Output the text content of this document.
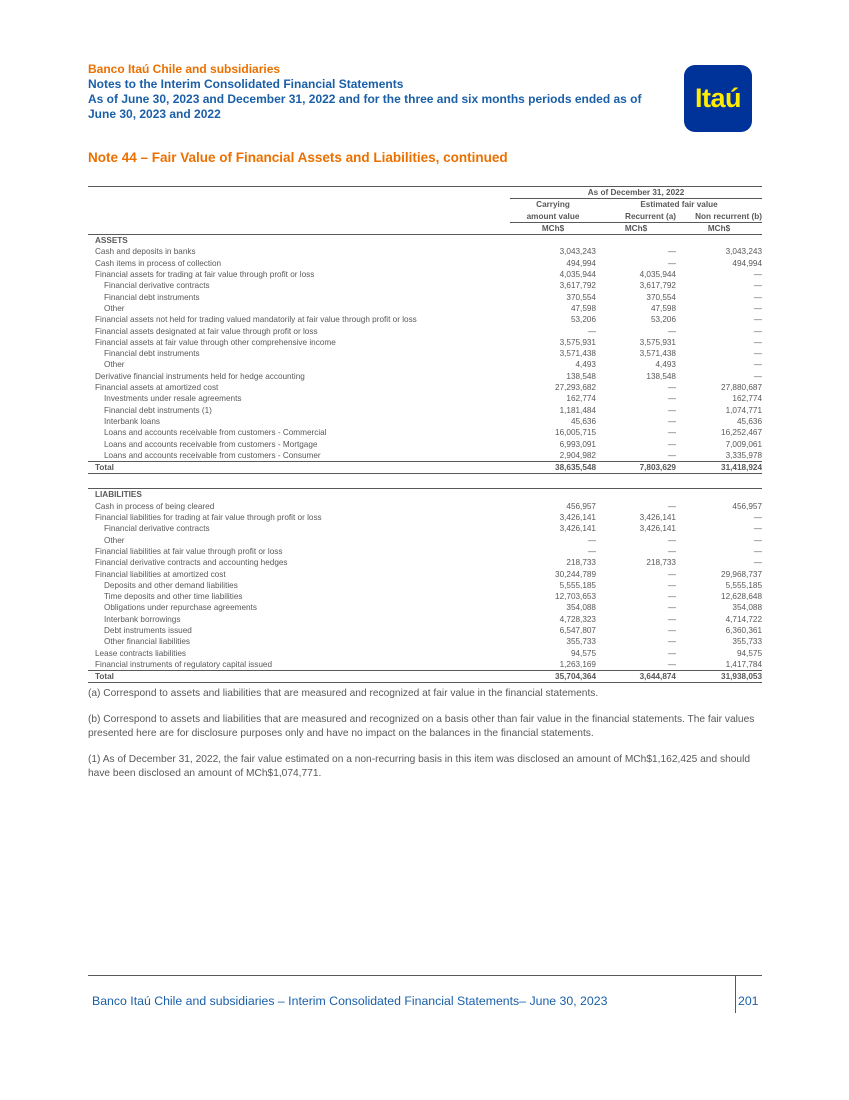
Banco Itaú Chile and subsidiaries
Notes to the Interim Consolidated Financial Statements
As of June 30, 2023 and December 31, 2022 and for the three and six months periods ended as of
June 30, 2023 and 2022
Itaú
Note 44 – Fair Value of Financial Assets and Liabilities, continued
	As of December 31, 2022		
	Carrying	Estimated fair value	
	amount value	Recurrent (a)	Non recurrent (b)
	MCh$	MCh$	MCh$
ASSETS			
Cash and deposits in banks	3,043,243	—	3,043,243
Cash items in process of collection	494,994	—	494,994
Financial assets for trading at fair value through profit or loss	4,035,944	4,035,944	—
Financial derivative contracts	3,617,792	3,617,792	—
Financial debt instruments	370,554	370,554	—
Other	47,598	47,598	—
Financial assets not held for trading valued mandatorily at fair value through profit or loss	53,206	53,206	—
Financial assets designated at fair value through profit or loss	—	—	—
Financial assets at fair value through other comprehensive income	3,575,931	3,575,931	—
Financial debt instruments	3,571,438	3,571,438	—
Other	4,493	4,493	—
Derivative financial instruments held for hedge accounting	138,548	138,548	—
Financial assets at amortized cost	27,293,682	—	27,880,687
Investments under resale agreements	162,774	—	162,774
Financial debt instruments (1)	1,181,484	—	1,074,771
Interbank loans	45,636	—	45,636
Loans and accounts receivable from customers - Commercial	16,005,715	—	16,252,467
Loans and accounts receivable from customers - Mortgage	6,993,091	—	7,009,061
Loans and accounts receivable from customers - Consumer	2,904,982	—	3,335,978
Total	38,635,548	7,803,629	31,418,924

LIABILITIES			
Cash in process of being cleared	456,957	—	456,957
Financial liabilities for trading at fair value through profit or loss	3,426,141	3,426,141	—
Financial derivative contracts	3,426,141	3,426,141	—
Other	—	—	—
Financial liabilities at fair value through profit or loss	—	—	—
Financial derivative contracts and accounting hedges	218,733	218,733	—
Financial liabilities at amortized cost	30,244,789	—	29,968,737
Deposits and other demand liabilities	5,555,185	—	5,555,185
Time deposits and other time liabilities	12,703,653	—	12,628,648
Obligations under repurchase agreements	354,088	—	354,088
Interbank borrowings	4,728,323	—	4,714,722
Debt instruments issued	6,547,807	—	6,360,361
Other financial liabilities	355,733	—	355,733
Lease contracts liabilities	94,575	—	94,575
Financial instruments of regulatory capital issued	1,263,169	—	1,417,784
Total	35,704,364	3,644,874	31,938,053

(a) Correspond to assets and liabilities that are measured and recognized at fair value in the financial statements.

(b) Correspond to assets and liabilities that are measured and recognized on a basis other than fair value in the financial statements. The fair values presented here are for disclosure purposes only and have no impact on the balances in the financial statements.

(1) As of December 31, 2022, the fair value estimated on a non-recurring basis in this item was disclosed an amount of MCh$1,162,425 and should have been disclosed an amount of MCh$1,074,771.

Banco Itaú Chile and subsidiaries – Interim Consolidated Financial Statements– June 30, 2023	201
